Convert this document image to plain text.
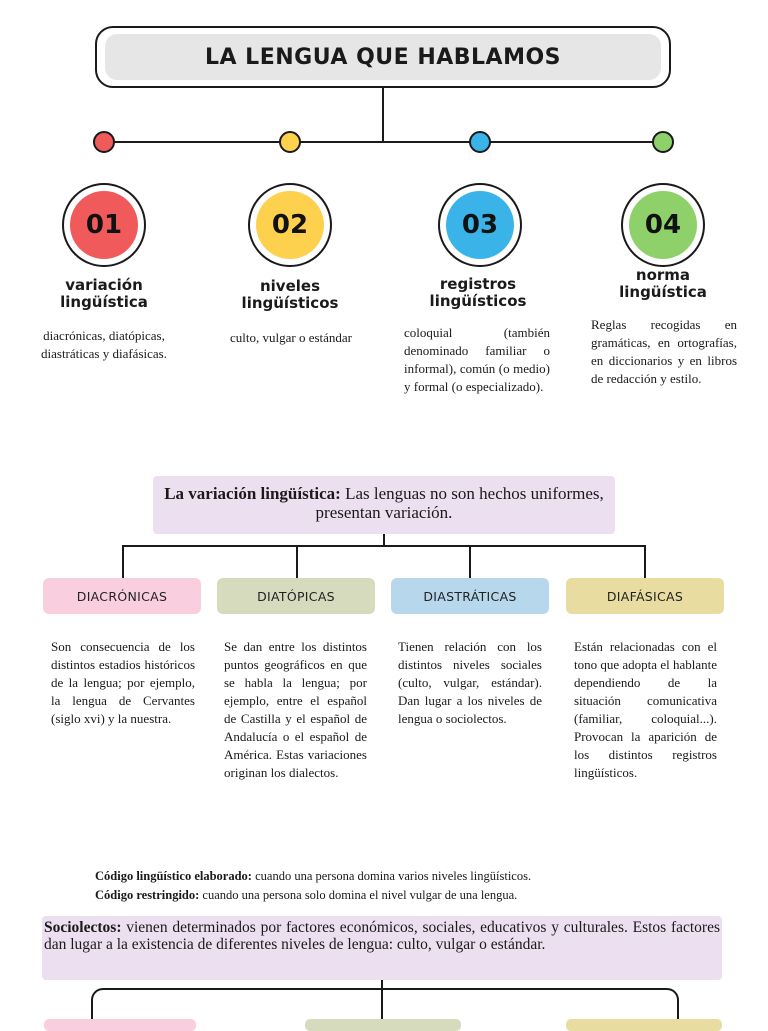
LA LENGUA QUE HABLAMOS
01	02	03	04
variación lingüística
niveles lingüísticos
registros lingüísticos
norma lingüística
diacrónicas, diatópicas, diastráticas y diafásicas.
culto, vulgar o estándar	coloquial (también denominado familiar o informal), común (o medio) y formal (o especializado).
Reglas recogidas en gramáticas, en ortografías, en diccionarios y en libros de redacción y estilo.
La variación lingüística: Las lenguas no son hechos uniformes, presentan variación.
DIACRÓNICAS	DIATÓPICAS	DIASTRÁTICAS	DIAFÁSICAS
Son consecuencia de los distintos estadios históricos de la lengua; por ejemplo, la lengua de Cervantes (siglo xvi) y la nuestra.
Se dan entre los distintos puntos geográficos en que se habla la lengua; por ejemplo, entre el español de Castilla y el español de Andalucía o el español de América. Estas variaciones originan los dialectos.
Tienen relación con los distintos niveles sociales (culto, vulgar, estándar). Dan lugar a los niveles de lengua o sociolectos.
Están relacionadas con el tono que adopta el hablante dependiendo de la situación comunicativa (familiar, coloquial...). Provocan la aparición de los distintos registros lingüísticos.
Código lingüístico elaborado: cuando una persona domina varios niveles lingüísticos.
Código restringido: cuando una persona solo domina el nivel vulgar de una lengua.
Sociolectos: vienen determinados por factores económicos, sociales, educativos y culturales. Estos factores dan lugar a la existencia de diferentes niveles de lengua: culto, vulgar o estándar.
